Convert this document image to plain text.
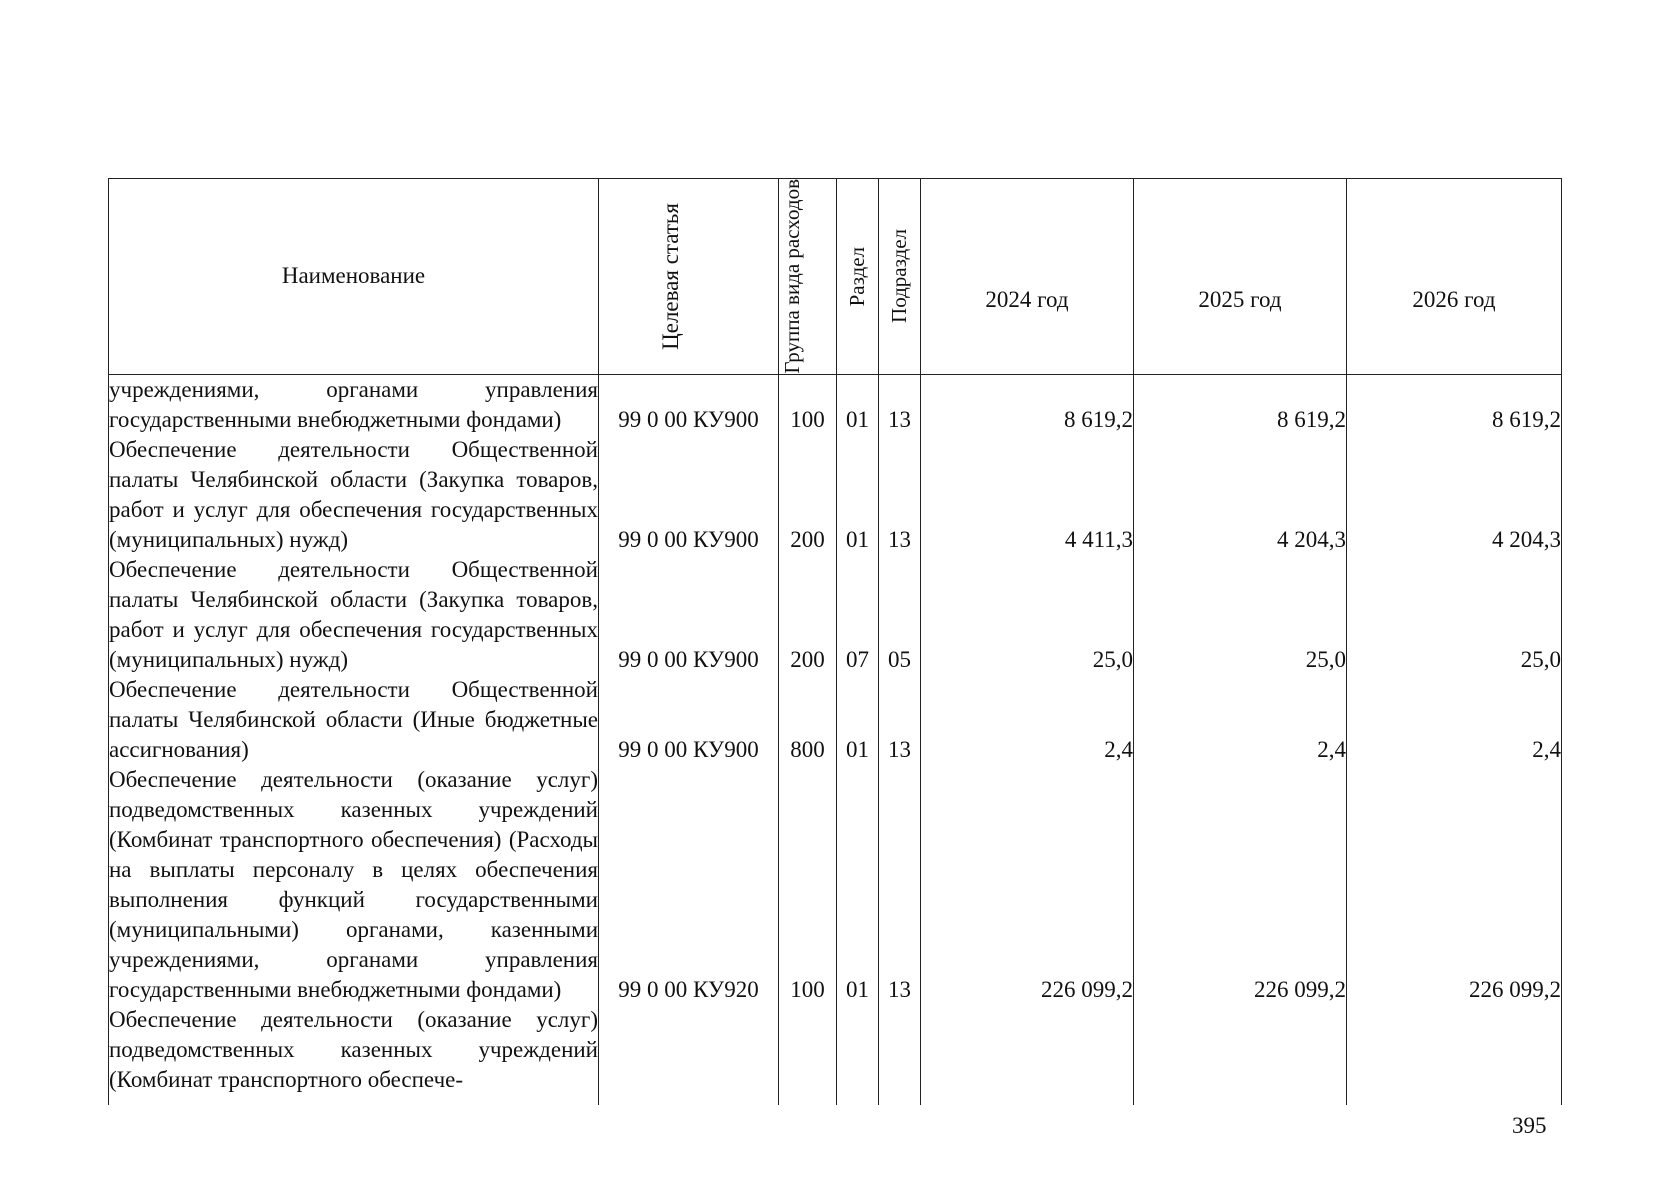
Наименование	Целевая статья	Группа вида расходов	Раздел	Подраздел	2024 год	2025 год	2026 год

учреждениями, органами управления государственными внебюджетными фондами)	99 0 00 КУ900	100	01	13	8 619,2	8 619,2	8 619,2
Обеспечение деятельности Общественной палаты Челябинской области (Закупка товаров, работ и услуг для обеспечения государственных (муниципальных) нужд)	99 0 00 КУ900	200	01	13	4 411,3	4 204,3	4 204,3
Обеспечение деятельности Общественной палаты Челябинской области (Закупка товаров, работ и услуг для обеспечения государственных (муниципальных) нужд)	99 0 00 КУ900	200	07	05	25,0	25,0	25,0
Обеспечение деятельности Общественной палаты Челябинской области (Иные бюджетные ассигнования)	99 0 00 КУ900	800	01	13	2,4	2,4	2,4
Обеспечение деятельности (оказание услуг) подведомственных казенных учреждений (Комбинат транспортного обеспечения) (Расходы на выплаты персоналу в целях обеспечения выполнения функций государственными (муниципальными) органами, казенными учреждениями, органами управления государственными внебюджетными фондами)	99 0 00 КУ920	100	01	13	226 099,2	226 099,2	226 099,2
Обеспечение деятельности (оказание услуг) подведомственных казенных учреждений (Комбинат транспортного обеспече-							
395
